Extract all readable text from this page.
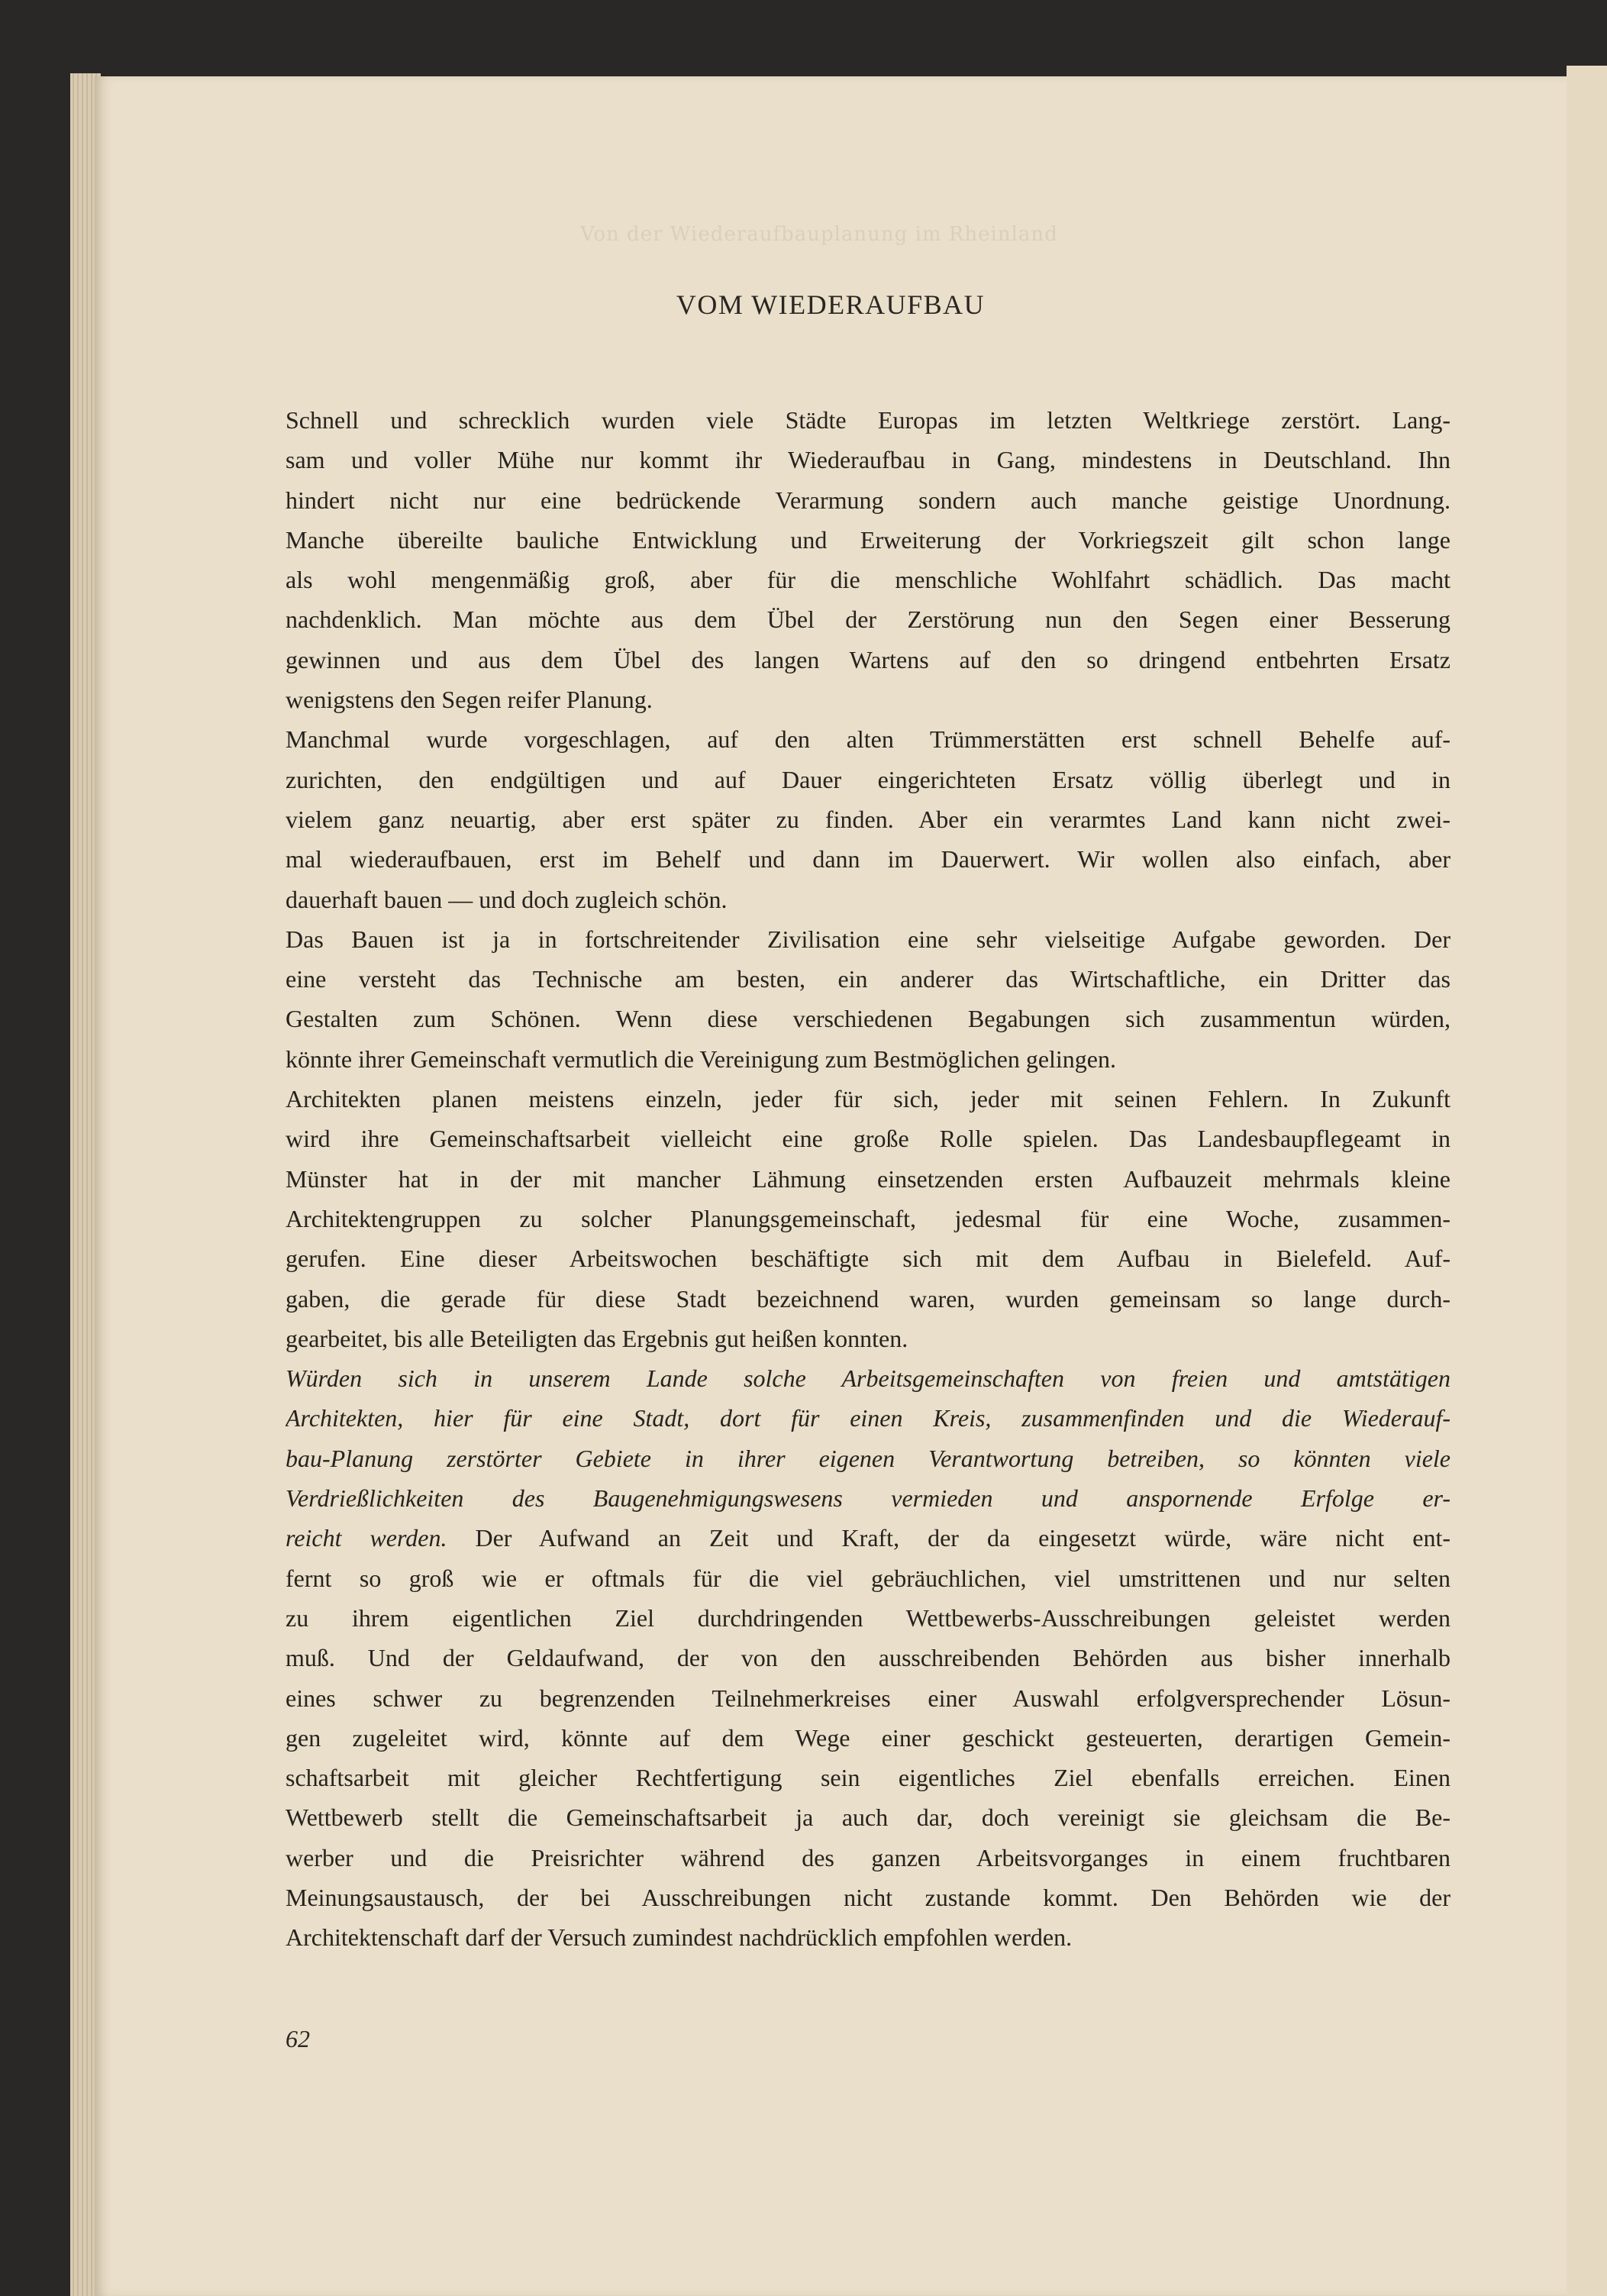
Von der Wiederaufbauplanung im Rheinland
VOM WIEDERAUFBAU
Schnell und schrecklich wurden viele Städte Europas im letzten Weltkriege zerstört. Lang-
sam und voller Mühe nur kommt ihr Wiederaufbau in Gang, mindestens in Deutschland. Ihn
hindert nicht nur eine bedrückende Verarmung sondern auch manche geistige Unordnung.
Manche übereilte bauliche Entwicklung und Erweiterung der Vorkriegszeit gilt schon lange
als wohl mengenmäßig groß, aber für die menschliche Wohlfahrt schädlich. Das macht
nachdenklich. Man möchte aus dem Übel der Zerstörung nun den Segen einer Besserung
gewinnen und aus dem Übel des langen Wartens auf den so dringend entbehrten Ersatz
wenigstens den Segen reifer Planung.
Manchmal wurde vorgeschlagen, auf den alten Trümmerstätten erst schnell Behelfe auf-
zurichten, den endgültigen und auf Dauer eingerichteten Ersatz völlig überlegt und in
vielem ganz neuartig, aber erst später zu finden. Aber ein verarmtes Land kann nicht zwei-
mal wiederaufbauen, erst im Behelf und dann im Dauerwert. Wir wollen also einfach, aber
dauerhaft bauen — und doch zugleich schön.
Das Bauen ist ja in fortschreitender Zivilisation eine sehr vielseitige Aufgabe geworden. Der
eine versteht das Technische am besten, ein anderer das Wirtschaftliche, ein Dritter das
Gestalten zum Schönen. Wenn diese verschiedenen Begabungen sich zusammentun würden,
könnte ihrer Gemeinschaft vermutlich die Vereinigung zum Bestmöglichen gelingen.
Architekten planen meistens einzeln, jeder für sich, jeder mit seinen Fehlern. In Zukunft
wird ihre Gemeinschaftsarbeit vielleicht eine große Rolle spielen. Das Landesbaupflegeamt in
Münster hat in der mit mancher Lähmung einsetzenden ersten Aufbauzeit mehrmals kleine
Architektengruppen zu solcher Planungsgemeinschaft, jedesmal für eine Woche, zusammen-
gerufen. Eine dieser Arbeitswochen beschäftigte sich mit dem Aufbau in Bielefeld. Auf-
gaben, die gerade für diese Stadt bezeichnend waren, wurden gemeinsam so lange durch-
gearbeitet, bis alle Beteiligten das Ergebnis gut heißen konnten.
Würden sich in unserem Lande solche Arbeitsgemeinschaften von freien und amtstätigen
Architekten, hier für eine Stadt, dort für einen Kreis, zusammenfinden und die Wiederauf-
bau-Planung zerstörter Gebiete in ihrer eigenen Verantwortung betreiben, so könnten viele
Verdrießlichkeiten des Baugenehmigungswesens vermieden und anspornende Erfolge er-
reicht werden. Der Aufwand an Zeit und Kraft, der da eingesetzt würde, wäre nicht ent-
fernt so groß wie er oftmals für die viel gebräuchlichen, viel umstrittenen und nur selten
zu ihrem eigentlichen Ziel durchdringenden Wettbewerbs-Ausschreibungen geleistet werden
muß. Und der Geldaufwand, der von den ausschreibenden Behörden aus bisher innerhalb
eines schwer zu begrenzenden Teilnehmerkreises einer Auswahl erfolgversprechender Lösun-
gen zugeleitet wird, könnte auf dem Wege einer geschickt gesteuerten, derartigen Gemein-
schaftsarbeit mit gleicher Rechtfertigung sein eigentliches Ziel ebenfalls erreichen. Einen
Wettbewerb stellt die Gemeinschaftsarbeit ja auch dar, doch vereinigt sie gleichsam die Be-
werber und die Preisrichter während des ganzen Arbeitsvorganges in einem fruchtbaren
Meinungsaustausch, der bei Ausschreibungen nicht zustande kommt. Den Behörden wie der
Architektenschaft darf der Versuch zumindest nachdrücklich empfohlen werden.
62
